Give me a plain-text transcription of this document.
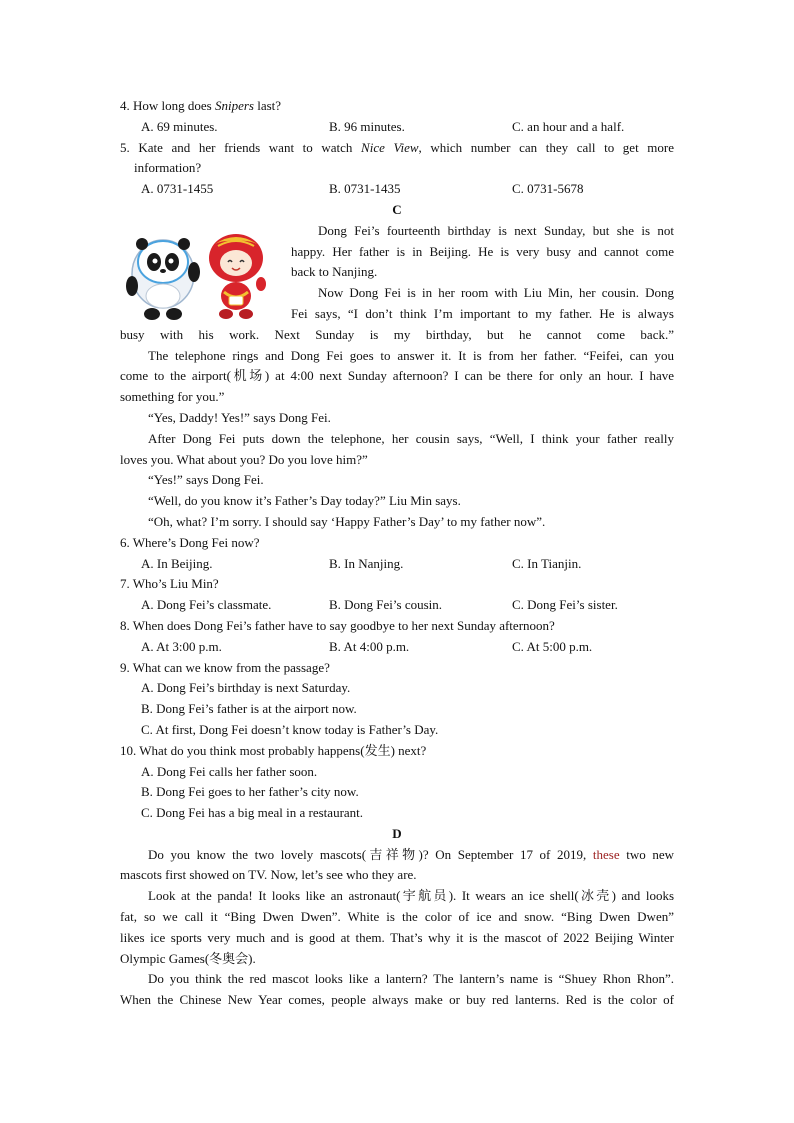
4. How long does Snipers last?
A. 69 minutes.	B. 96 minutes.	C. an hour and a half.
5. Kate and her friends want to watch Nice View, which number can they call to get more
information?
A. 0731-1455	B. 0731-1435	C. 0731-5678
C
Dong Fei’s fourteenth birthday is next Sunday, but she is not
happy. Her father is in Beijing. He is very busy and cannot come
back to Nanjing.
Now Dong Fei is in her room with Liu Min, her cousin. Dong
Fei says, “I don’t think I’m important to my father. He is always
busy with his work. Next Sunday is my birthday, but he cannot come back.”
The telephone rings and Dong Fei goes to answer it. It is from her father. “Feifei, can you
come to the airport(机场) at 4:00 next Sunday afternoon? I can be there for only an hour. I have
something for you.”
“Yes, Daddy! Yes!” says Dong Fei.
After Dong Fei puts down the telephone, her cousin says, “Well, I think your father really
loves you. What about you? Do you love him?”
“Yes!” says Dong Fei.
“Well, do you know it’s Father’s Day today?” Liu Min says.
“Oh, what? I’m sorry. I should say ‘Happy Father’s Day’ to my father now”.
6. Where’s Dong Fei now?
A. In Beijing.	B. In Nanjing.	C. In Tianjin.
7. Who’s Liu Min?
A. Dong Fei’s classmate.	B. Dong Fei’s cousin.	C. Dong Fei’s sister.
8. When does Dong Fei’s father have to say goodbye to her next Sunday afternoon?
A. At 3:00 p.m.	B. At 4:00 p.m.	C. At 5:00 p.m.
9. What can we know from the passage?
A. Dong Fei’s birthday is next Saturday.
B. Dong Fei’s father is at the airport now.
C. At first, Dong Fei doesn’t know today is Father’s Day.
10. What do you think most probably happens(发生) next?
A. Dong Fei calls her father soon.
B. Dong Fei goes to her father’s city now.
C. Dong Fei has a big meal in a restaurant.
D
Do you know the two lovely mascots(吉祥物)? On September 17 of 2019, these two new
mascots first showed on TV. Now, let’s see who they are.
Look at the panda! It looks like an astronaut(宇航员). It wears an ice shell(冰壳) and looks
fat, so we call it “Bing Dwen Dwen”. White is the color of ice and snow. “Bing Dwen Dwen”
likes ice sports very much and is good at them. That’s why it is the mascot of 2022 Beijing Winter
Olympic Games(冬奥会).
Do you think the red mascot looks like a lantern? The lantern’s name is “Shuey Rhon Rhon”.
When the Chinese New Year comes, people always make or buy red lanterns. Red is the color of
